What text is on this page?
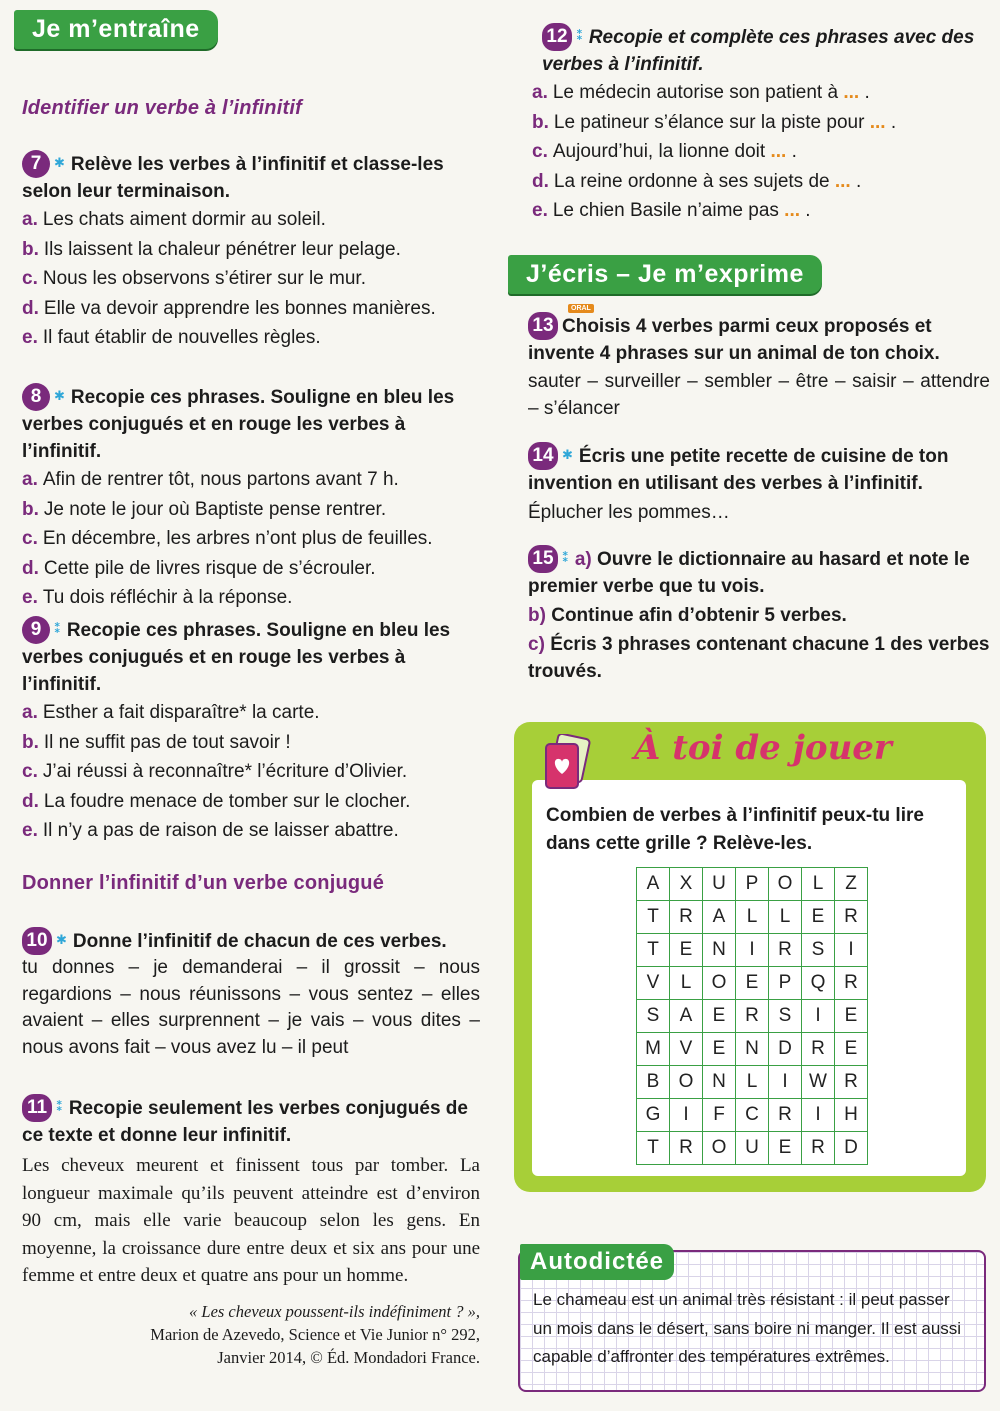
Je m’entraîne
Identifier un verbe à l’infinitif
7 ✱ Relève les verbes à l’infinitif et classe-les selon leur terminaison.
a. Les chats aiment dormir au soleil.
b. Ils laissent la chaleur pénétrer leur pelage.
c. Nous les observons s’étirer sur le mur.
d. Elle va devoir apprendre les bonnes manières.
e. Il faut établir de nouvelles règles.
8 ✱ Recopie ces phrases. Souligne en bleu les verbes conjugués et en rouge les verbes à l’infinitif.
a. Afin de rentrer tôt, nous partons avant 7 h.
b. Je note le jour où Baptiste pense rentrer.
c. En décembre, les arbres n’ont plus de feuilles.
d. Cette pile de livres risque de s’écrouler.
e. Tu dois réfléchir à la réponse.
9 ⁑ Recopie ces phrases. Souligne en bleu les verbes conjugués et en rouge les verbes à l’infinitif.
a. Esther a fait disparaître* la carte.
b. Il ne suffit pas de tout savoir !
c. J’ai réussi à reconnaître* l’écriture d’Olivier.
d. La foudre menace de tomber sur le clocher.
e. Il n’y a pas de raison de se laisser abattre.
Donner l’infinitif d’un verbe conjugué
10 ✱ Donne l’infinitif de chacun de ces verbes.
tu donnes – je demanderai – il grossit – nous regardions – nous réunissons – vous sentez – elles avaient – elles surprennent – je vais – vous dites – nous avons fait – vous avez lu – il peut
11 ⁑ Recopie seulement les verbes conjugués de ce texte et donne leur infinitif.
Les cheveux meurent et finissent tous par tomber. La longueur maximale qu’ils peuvent atteindre est d’environ 90 cm, mais elle varie beaucoup selon les gens. En moyenne, la croissance dure entre deux et six ans pour une femme et entre deux et quatre ans pour un homme.
« Les cheveux poussent-ils indéfiniment ? »,
Marion de Azevedo, Science et Vie Junior n° 292,
Janvier 2014, © Éd. Mondadori France.
12 ⁑ Recopie et complète ces phrases avec des verbes à l’infinitif.
a. Le médecin autorise son patient à ... .
b. Le patineur s’élance sur la piste pour ... .
c. Aujourd’hui, la lionne doit ... .
d. La reine ordonne à ses sujets de ... .
e. Le chien Basile n’aime pas ... .
J’écris – Je m’exprime
ORAL
13 Choisis 4 verbes parmi ceux proposés et invente 4 phrases sur un animal de ton choix.
sauter – surveiller – sembler – être – saisir – attendre – s’élancer
14 ✱ Écris une petite recette de cuisine de ton invention en utilisant des verbes à l’infinitif.
Éplucher les pommes…
15 ⁑ a) Ouvre le dictionnaire au hasard et note le premier verbe que tu vois.
b) Continue afin d’obtenir 5 verbes.
c) Écris 3 phrases contenant chacune 1 des verbes trouvés.
À toi de jouer
Combien de verbes à l’infinitif peux-tu lire dans cette grille ? Relève-les.
A	X	U	P	O	L	Z
T	R	A	L	L	E	R
T	E	N	I	R	S	I
V	L	O	E	P	Q	R
S	A	E	R	S	I	E
M	V	E	N	D	R	E
B	O	N	L	I	W	R
G	I	F	C	R	I	H
T	R	O	U	E	R	D
Autodictée
Le chameau est un animal très résistant : il peut passer un mois dans le désert, sans boire ni manger. Il est aussi capable d’affronter des températures extrêmes.
